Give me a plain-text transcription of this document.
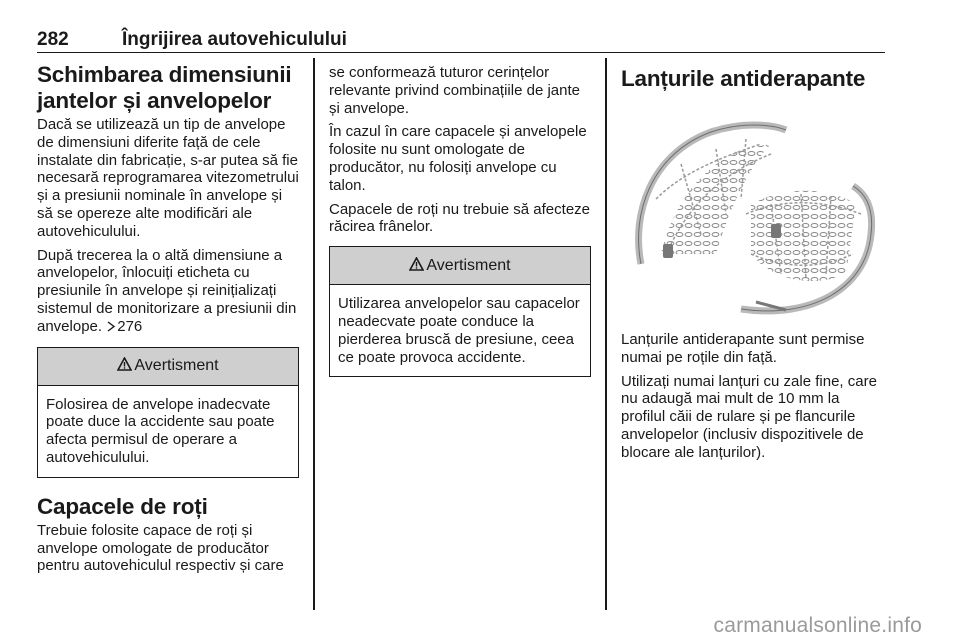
282	Îngrijirea autovehiculului
Schimbarea dimensiunii
jantelor și anvelopelor

Dacă se utilizează un tip de anvelope de dimensiuni diferite față de cele instalate din fabricație, s-ar putea să fie necesară reprogramarea vitezometrului și a presiunii nominale în anvelope și să se opereze alte modificări ale autovehiculului.

După trecerea la o altă dimensiune a anvelopelor, înlocuiți eticheta cu presiunile în anvelope și reinițializați sistemul de monitorizare a presiunii din anvelope. 276

Avertisment
Folosirea de anvelope inadecvate poate duce la accidente sau poate afecta permisul de operare a autovehiculului.
Capacele de roți

Trebuie folosite capace de roți și anvelope omologate de producător pentru autovehiculul respectiv și care

se conformează tuturor cerințelor relevante privind combinațiile de jante și anvelope.

În cazul în care capacele și anvelopele folosite nu sunt omologate de producător, nu folosiți anvelope cu talon.

Capacele de roți nu trebuie să afecteze răcirea frânelor.

Avertisment
Utilizarea anvelopelor sau capacelor neadecvate poate conduce la pierderea bruscă de presiune, ceea ce poate provoca accidente.
Lanțurile antiderapante

Lanțurile antiderapante sunt permise numai pe roțile din față.

Utilizați numai lanțuri cu zale fine, care nu adaugă mai mult de 10 mm la profilul căii de rulare și pe flancurile anvelopelor (inclusiv dispozitivele de blocare ale lanțurilor).

carmanualsonline.info
